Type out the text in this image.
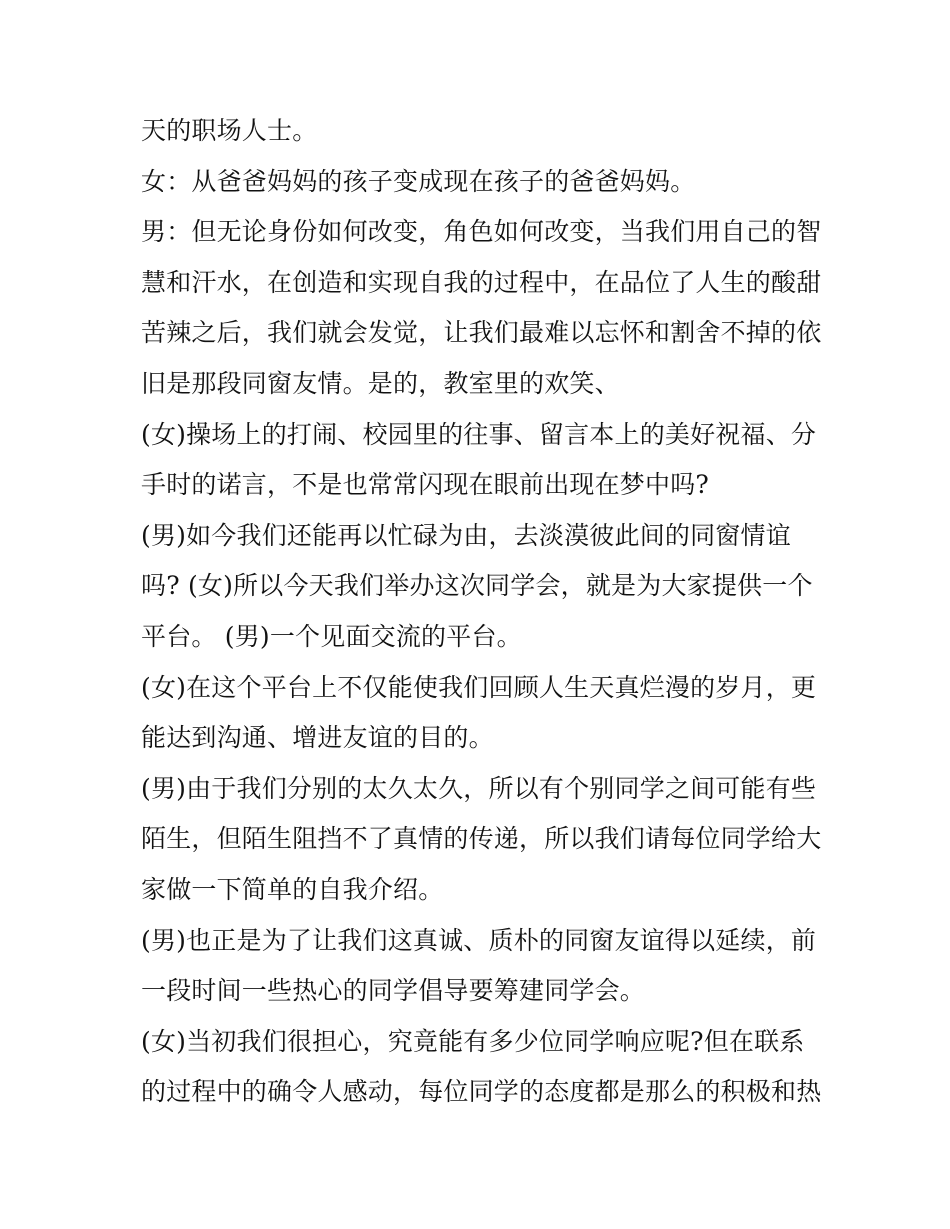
天的职场人士。
女：从爸爸妈妈的孩子变成现在孩子的爸爸妈妈。
男：但无论身份如何改变，角色如何改变，当我们用自己的智
慧和汗水，在创造和实现自我的过程中，在品位了人生的酸甜
苦辣之后，我们就会发觉，让我们最难以忘怀和割舍不掉的依
旧是那段同窗友情。是的，教室里的欢笑、
(女)操场上的打闹、校园里的往事、留言本上的美好祝福、分
手时的诺言，不是也常常闪现在眼前出现在梦中吗?
(男)如今我们还能再以忙碌为由，去淡漠彼此间的同窗情谊
吗? (女)所以今天我们举办这次同学会，就是为大家提供一个
平台。 (男)一个见面交流的平台。
(女)在这个平台上不仅能使我们回顾人生天真烂漫的岁月，更
能达到沟通、增进友谊的目的。
(男)由于我们分别的太久太久，所以有个别同学之间可能有些
陌生，但陌生阻挡不了真情的传递，所以我们请每位同学给大
家做一下简单的自我介绍。
(男)也正是为了让我们这真诚、质朴的同窗友谊得以延续，前
一段时间一些热心的同学倡导要筹建同学会。
(女)当初我们很担心，究竟能有多少位同学响应呢?但在联系
的过程中的确令人感动，每位同学的态度都是那么的积极和热
